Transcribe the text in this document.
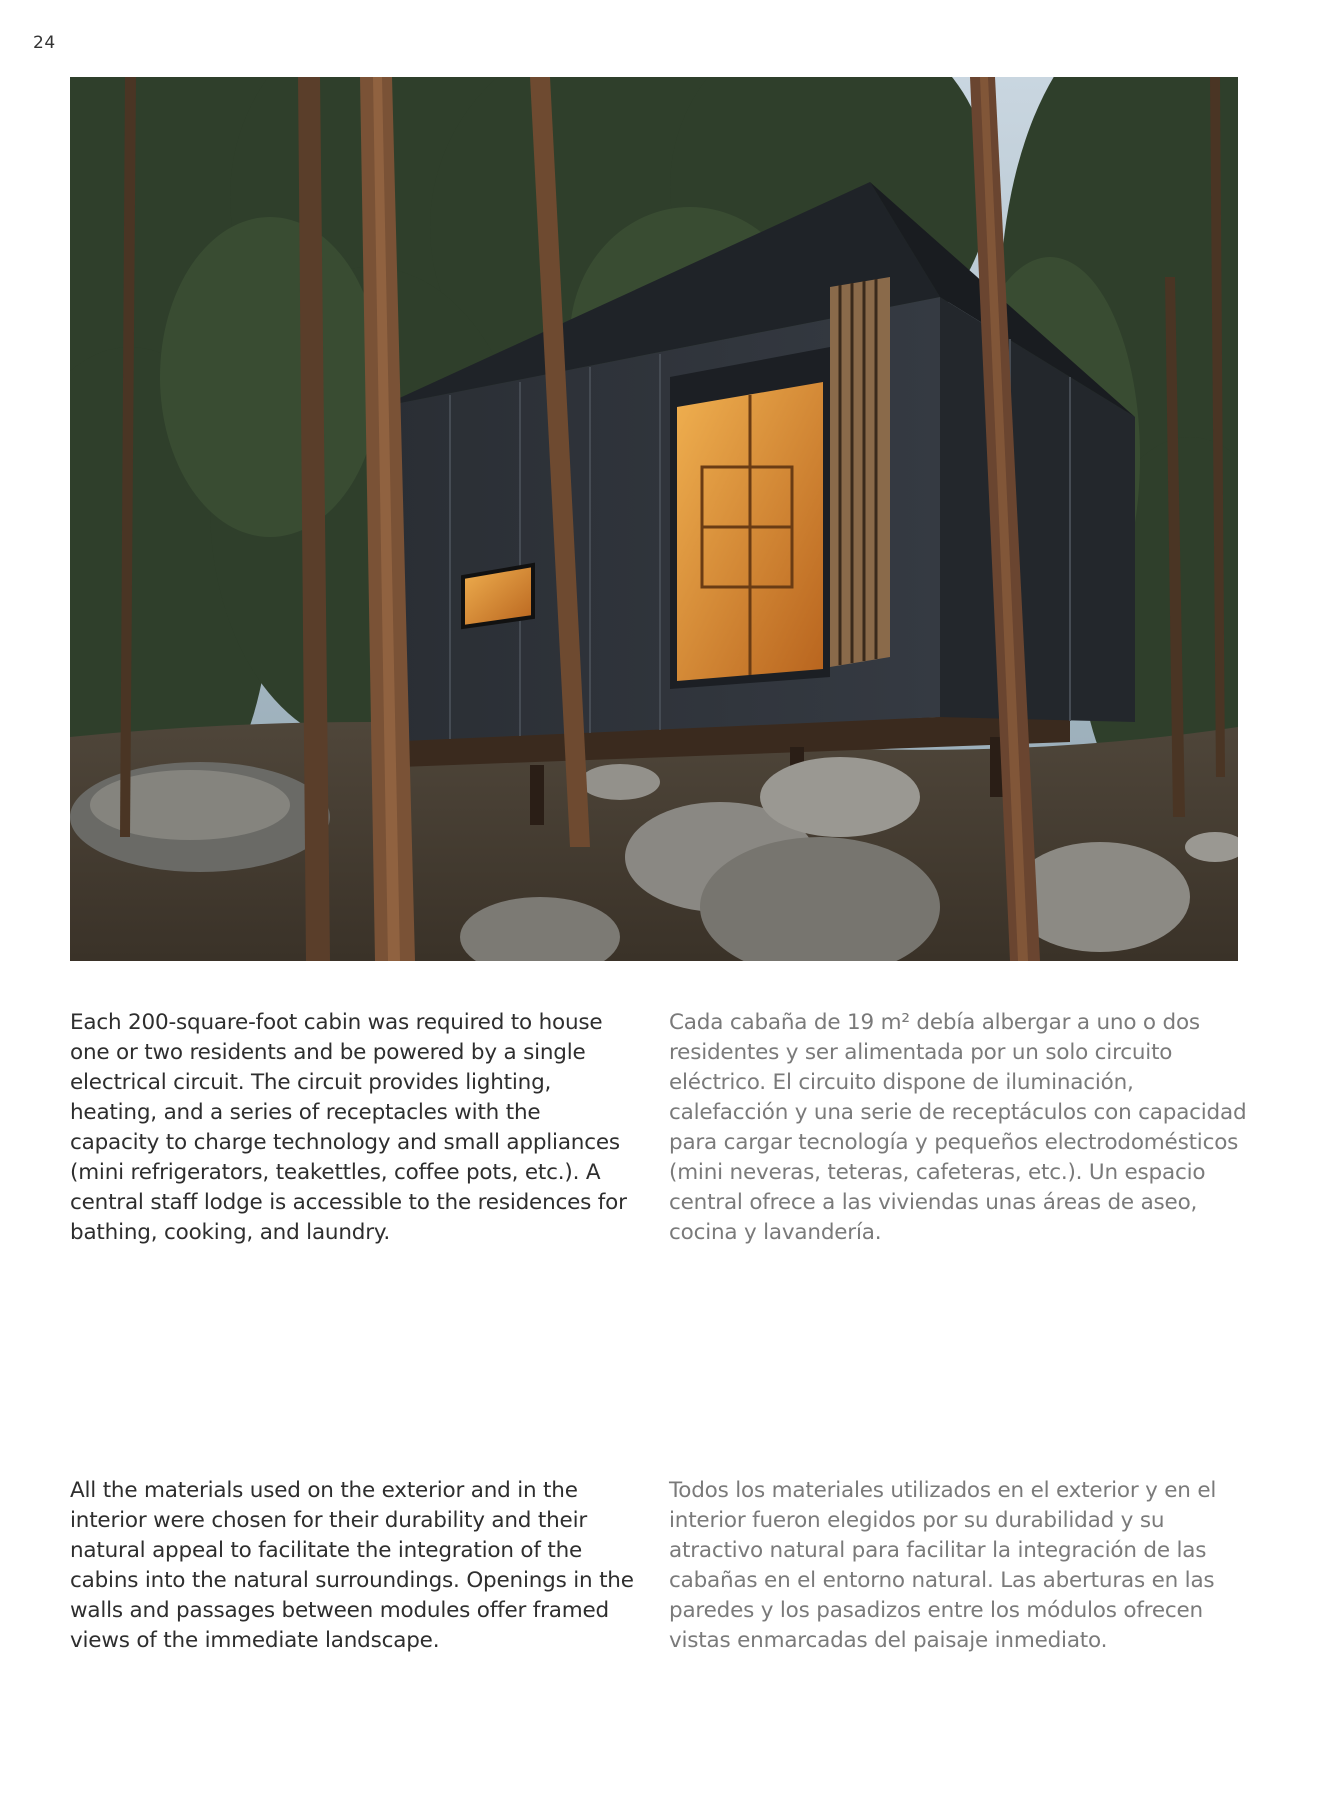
24

Each 200-square-foot cabin was required to house one or two residents and be powered by a single electrical circuit. The circuit provides lighting, heating, and a series of receptacles with the capacity to charge technology and small appliances (mini refrigerators, teakettles, coffee pots, etc.). A central staff lodge is accessible to the residences for bathing, cooking, and laundry.

Cada cabaña de 19 m² debía albergar a uno o dos residentes y ser alimentada por un solo circuito eléctrico. El circuito dispone de iluminación, calefacción y una serie de receptáculos con capacidad para cargar tecnología y pequeños electrodomésticos (mini neveras, teteras, cafeteras, etc.). Un espacio central ofrece a las viviendas unas áreas de aseo, cocina y lavandería.

All the materials used on the exterior and in the interior were chosen for their durability and their natural appeal to facilitate the integration of the cabins into the natural surroundings. Openings in the walls and passages between modules offer framed views of the immediate landscape.

Todos los materiales utilizados en el exterior y en el interior fueron elegidos por su durabilidad y su atractivo natural para facilitar la integración de las cabañas en el entorno natural. Las aberturas en las paredes y los pasadizos entre los módulos ofrecen vistas enmarcadas del paisaje inmediato.
